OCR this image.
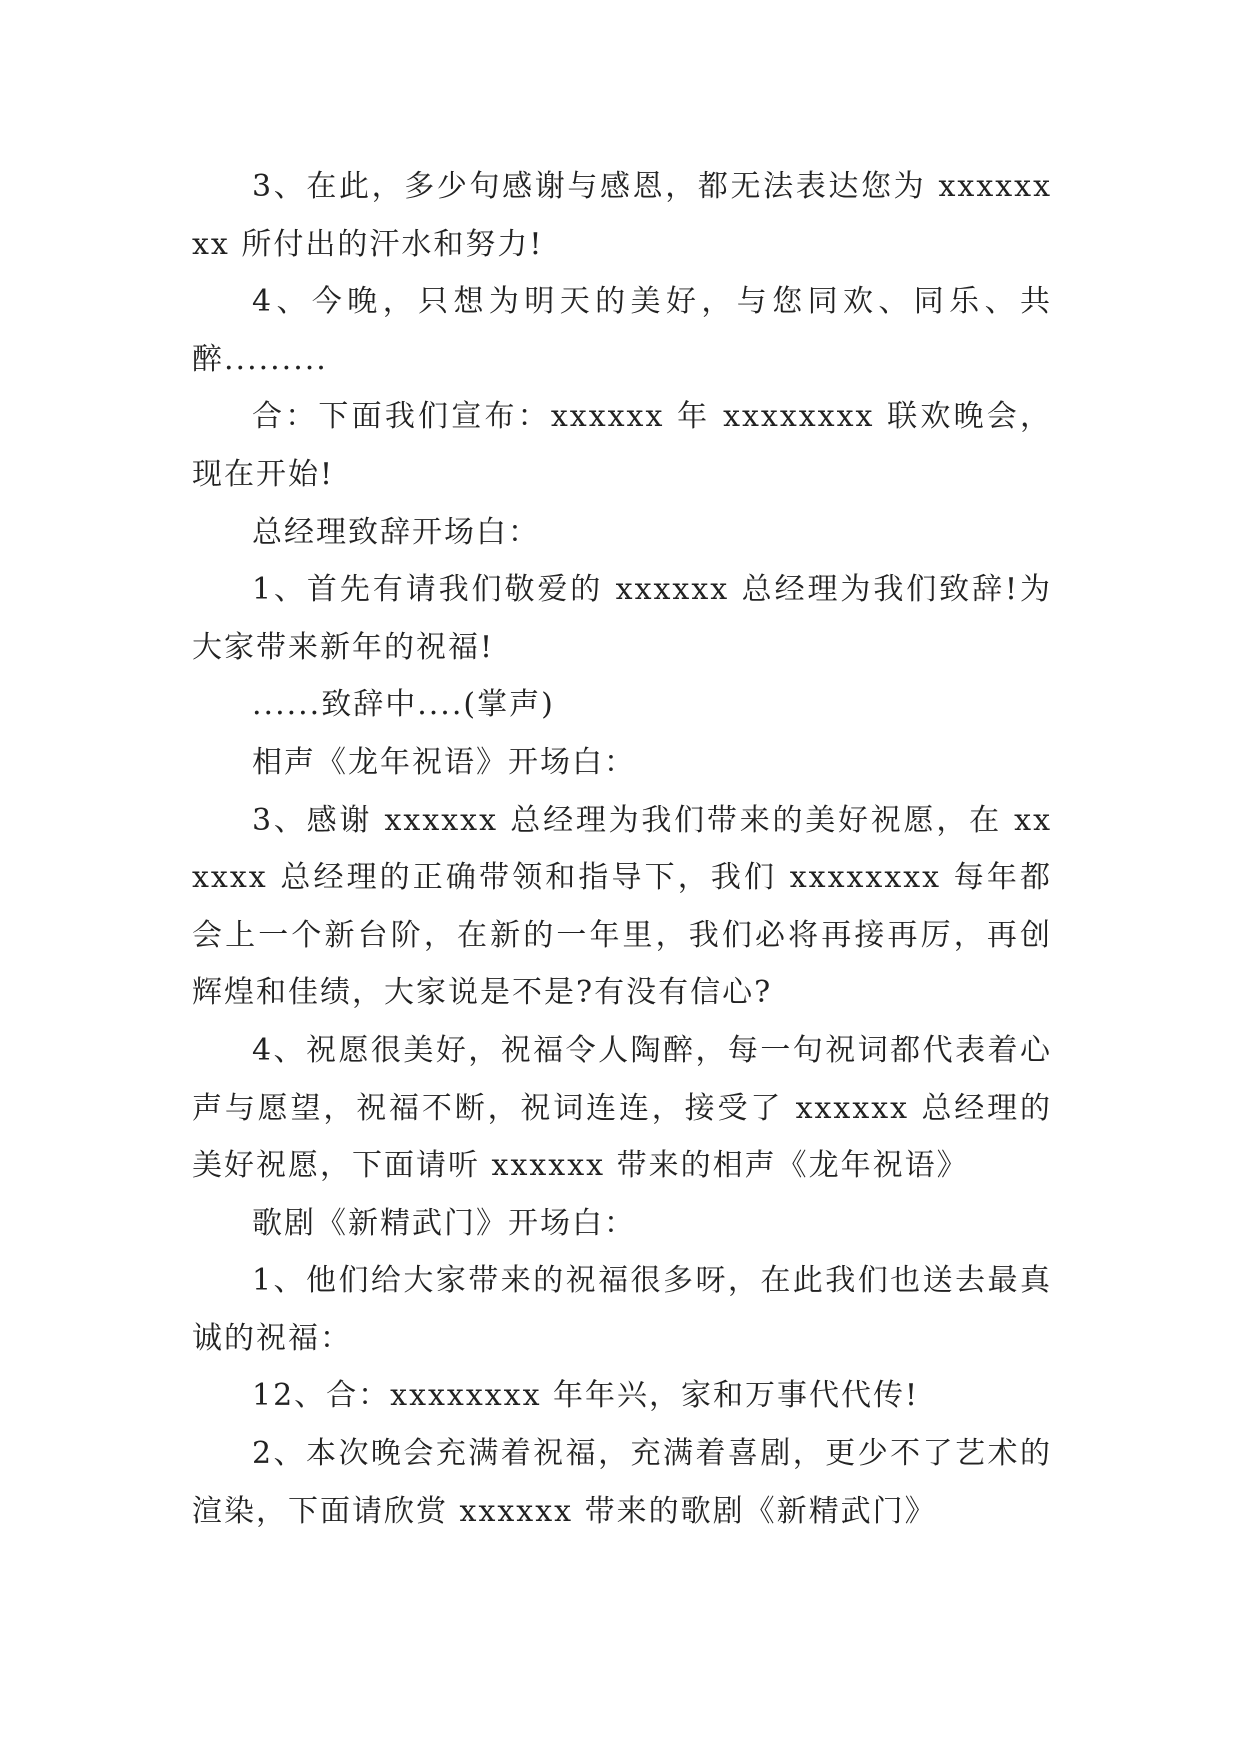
3、在此，多少句感谢与感恩，都无法表达您为 xxxxxxxx 所付出的汗水和努力!

4、今晚，只想为明天的美好，与您同欢、同乐、共醉.........

合：下面我们宣布：xxxxxx 年 xxxxxxxx 联欢晚会，现在开始!

总经理致辞开场白：

1、首先有请我们敬爱的 xxxxxx 总经理为我们致辞!为大家带来新年的祝福!

......致辞中....(掌声)

相声《龙年祝语》开场白：

3、感谢 xxxxxx 总经理为我们带来的美好祝愿，在 xxxxxx 总经理的正确带领和指导下，我们 xxxxxxxx 每年都会上一个新台阶，在新的一年里，我们必将再接再厉，再创辉煌和佳绩，大家说是不是?有没有信心?

4、祝愿很美好，祝福令人陶醉，每一句祝词都代表着心声与愿望，祝福不断，祝词连连，接受了 xxxxxx 总经理的美好祝愿，下面请听 xxxxxx 带来的相声《龙年祝语》

歌剧《新精武门》开场白：

1、他们给大家带来的祝福很多呀，在此我们也送去最真诚的祝福：

12、合：xxxxxxxx 年年兴，家和万事代代传!

2、本次晚会充满着祝福，充满着喜剧，更少不了艺术的渲染，下面请欣赏 xxxxxx 带来的歌剧《新精武门》
